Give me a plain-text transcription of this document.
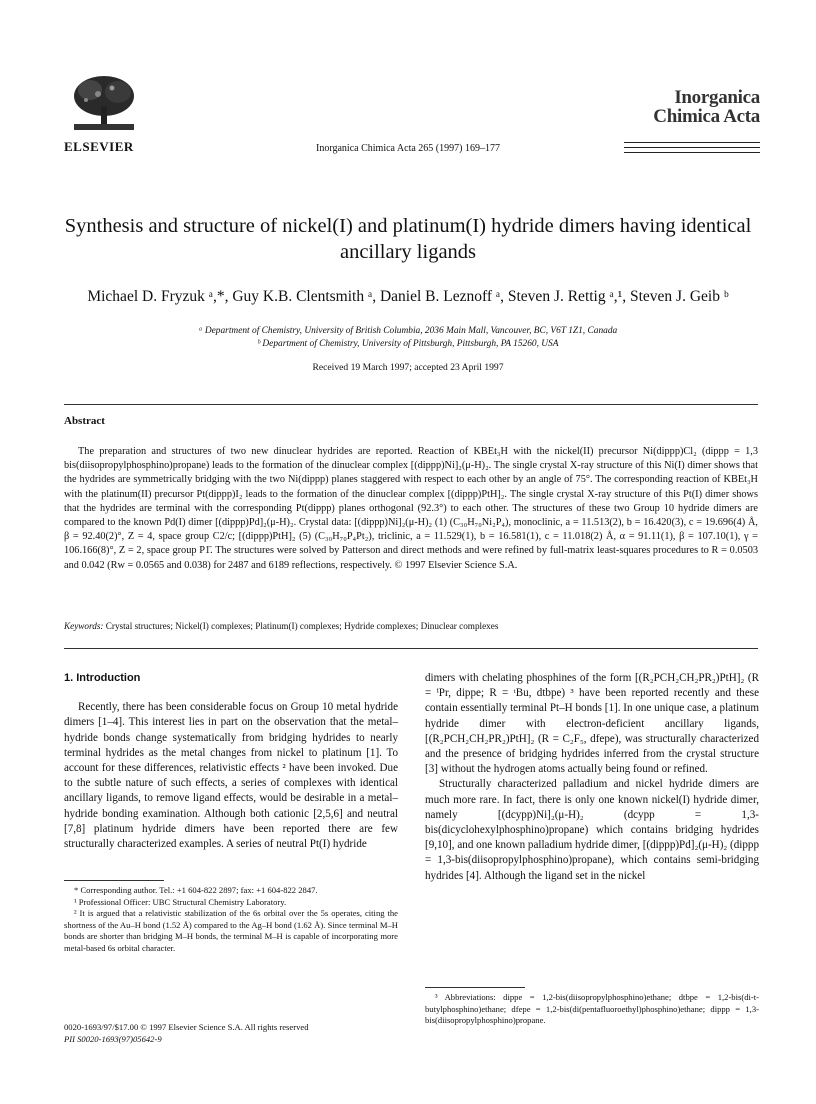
ELSEVIER	Inorganica Chimica Acta 265 (1997) 169–177
Inorganica
Chimica Acta
Synthesis and structure of nickel(I) and platinum(I) hydride dimers having identical ancillary ligands
Michael D. Fryzuk ᵃ,*, Guy K.B. Clentsmith ᵃ, Daniel B. Leznoff ᵃ, Steven J. Rettig ᵃ,¹, Steven J. Geib ᵇ
ᵃ Department of Chemistry, University of British Columbia, 2036 Main Mall, Vancouver, BC, V6T 1Z1, Canada
ᵇ Department of Chemistry, University of Pittsburgh, Pittsburgh, PA 15260, USA
Received 19 March 1997; accepted 23 April 1997
Abstract

The preparation and structures of two new dinuclear hydrides are reported. Reaction of KBEt₃H with the nickel(II) precursor Ni(dippp)Cl₂ (dippp = 1,3 bis(diisopropylphosphino)propane) leads to the formation of the dinuclear complex [(dippp)Ni]₂(μ-H)₂. The single crystal X-ray structure of this Ni(I) dimer shows that the hydrides are symmetrically bridging with the two Ni(dippp) planes staggered with respect to each other by an angle of 75°. The corresponding reaction of KBEt₃H with the platinum(II) precursor Pt(dippp)I₂ leads to the formation of the dinuclear complex [(dippp)PtH]₂. The single crystal X-ray structure of this Pt(I) dimer shows that the hydrides are terminal with the corresponding Pt(dippp) planes orthogonal (92.3°) to each other. The structures of these two Group 10 hydride dimers are compared to the known Pd(I) dimer [(dippp)Pd]₂(μ-H)₂. Crystal data: [(dippp)Ni]₂(μ-H)₂ (1) (C₃₀H₇₀Ni₂P₄), monoclinic, a = 11.513(2), b = 16.420(3), c = 19.696(4) Å, β = 92.40(2)°, Z = 4, space group C2/c; [(dippp)PtH]₂ (5) (C₃₀H₇₀P₄Pt₂), triclinic, a = 11.529(1), b = 16.581(1), c = 11.018(2) Å, α = 91.11(1), β = 107.10(1), γ = 106.166(8)°, Z = 2, space group P1̄. The structures were solved by Patterson and direct methods and were refined by full-matrix least-squares procedures to R = 0.0503 and 0.042 (Rw = 0.0565 and 0.038) for 2487 and 6189 reflections, respectively. © 1997 Elsevier Science S.A.

Keywords: Crystal structures; Nickel(I) complexes; Platinum(I) complexes; Hydride complexes; Dinuclear complexes
1. Introduction

Recently, there has been considerable focus on Group 10 metal hydride dimers [1–4]. This interest lies in part on the observation that the metal–hydride bonds change systematically from bridging hydrides to nearly terminal hydrides as the metal changes from nickel to platinum [1]. To account for these differences, relativistic effects ² have been invoked. Due to the subtle nature of such effects, a series of complexes with identical ancillary ligands, to remove ligand effects, would be desirable in a metal–hydride bonding examination. Although both cationic [2,5,6] and neutral [7,8] platinum hydride dimers have been reported there are few structurally characterized examples. A series of neutral Pt(I) hydride

* Corresponding author. Tel.: +1 604-822 2897; fax: +1 604-822 2847.

¹ Professional Officer: UBC Structural Chemistry Laboratory.

² It is argued that a relativistic stabilization of the 6s orbital over the 5s operates, citing the shortness of the Au–H bond (1.52 Å) compared to the Ag–H bond (1.62 Å). Since terminal M–H bonds are shorter than bridging M–H bonds, the terminal M–H is capable of incorporating more metal-based 6s orbital character.

0020-1693/97/$17.00 © 1997 Elsevier Science S.A. All rights reserved
PII S0020-1693(97)05642-9

dimers with chelating phosphines of the form [(R₂PCH₂CH₂PR₂)PtH]₂ (R = ⁱPr, dippe; R = ᵗBu, dtbpe) ³ have been reported recently and these contain essentially terminal Pt–H bonds [1]. In one unique case, a platinum hydride dimer with electron-deficient ancillary ligands, [(R₂PCH₂CH₂PR₂)PtH]₂ (R = C₂F₅, dfepe), was structurally characterized and the presence of bridging hydrides inferred from the crystal structure [3] without the hydrogen atoms actually being found or refined.

Structurally characterized palladium and nickel hydride dimers are much more rare. In fact, there is only one known nickel(I) hydride dimer, namely [(dcypp)Ni]₂(μ-H)₂ (dcypp = 1,3-bis(dicyclohexylphosphino)propane) which contains bridging hydrides [9,10], and one known palladium hydride dimer, [(dippp)Pd]₂(μ-H)₂ (dippp = 1,3-bis(diisopropylphosphino)propane), which contains semi-bridging hydrides [4]. Although the ligand set in the nickel

³ Abbreviations: dippe = 1,2-bis(diisopropylphosphino)ethane; dtbpe = 1,2-bis(di-t-butylphosphino)ethane; dfepe = 1,2-bis(di(pentafluoroethyl)phosphino)ethane; dippp = 1,3-bis(diisopropylphosphino)propane.
